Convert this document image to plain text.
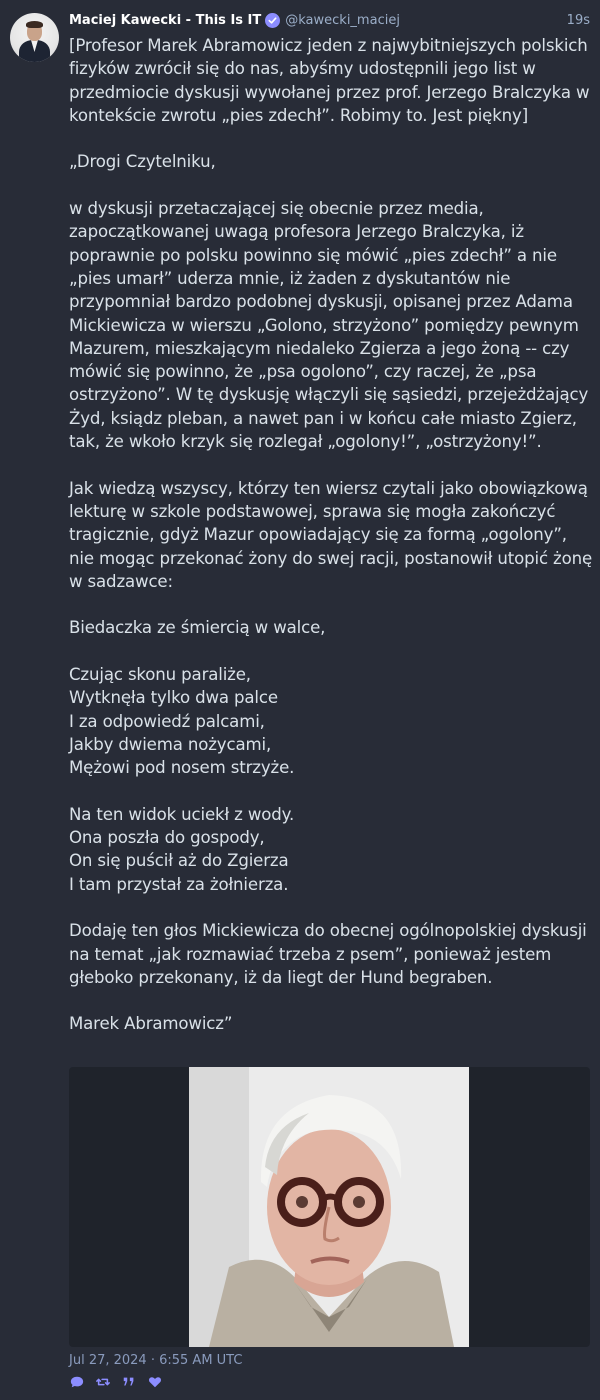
Maciej Kawecki - This Is IT @kawecki_maciej	19s

[Profesor Marek Abramowicz jeden z najwybitniejszych polskich fizyków zwrócił się do nas, abyśmy udostępnili jego list w przedmiocie dyskusji wywołanej przez prof. Jerzego Bralczyka w kontekście zwrotu „pies zdechł”. Robimy to. Jest piękny]

„Drogi Czytelniku,

w dyskusji przetaczającej się obecnie przez media, zapoczątkowanej uwagą profesora Jerzego Bralczyka, iż poprawnie po polsku powinno się mówić „pies zdechł” a nie „pies umarł” uderza mnie, iż żaden z dyskutantów nie przypomniał bardzo podobnej dyskusji, opisanej przez Adama Mickiewicza w wierszu „Golono, strzyżono” pomiędzy pewnym Mazurem, mieszkającym niedaleko Zgierza a jego żoną -- czy mówić się powinno, że „psa ogolono”, czy raczej, że „psa ostrzyżono”. W tę dyskusję włączyli się sąsiedzi, przejeżdżający Żyd, ksiądz pleban, a nawet pan i w końcu całe miasto Zgierz, tak, że wkoło krzyk się rozlegał „ogolony!”, „ostrzyżony!”.

Jak wiedzą wszyscy, którzy ten wiersz czytali jako obowiązkową lekturę w szkole podstawowej, sprawa się mogła zakończyć tragicznie, gdyż Mazur opowiadający się za formą „ogolony”, nie mogąc przekonać żony do swej racji, postanowił utopić żonę w sadzawce:

Biedaczka ze śmiercią w walce,

Czując skonu paraliże,
Wytknęła tylko dwa palce
I za odpowiedź palcami,
Jakby dwiema nożycami,
Mężowi pod nosem strzyże.

Na ten widok uciekł z wody.
Ona poszła do gospody,
On się puścił aż do Zgierza
I tam przystał za żołnierza.

Dodaję ten głos Mickiewicza do obecnej ogólnopolskiej dyskusji na temat „jak rozmawiać trzeba z psem”, ponieważ jestem głeboko przekonany, iż da liegt der Hund begraben.

Marek Abramowicz”

Jul 27, 2024 · 6:55 AM UTC
